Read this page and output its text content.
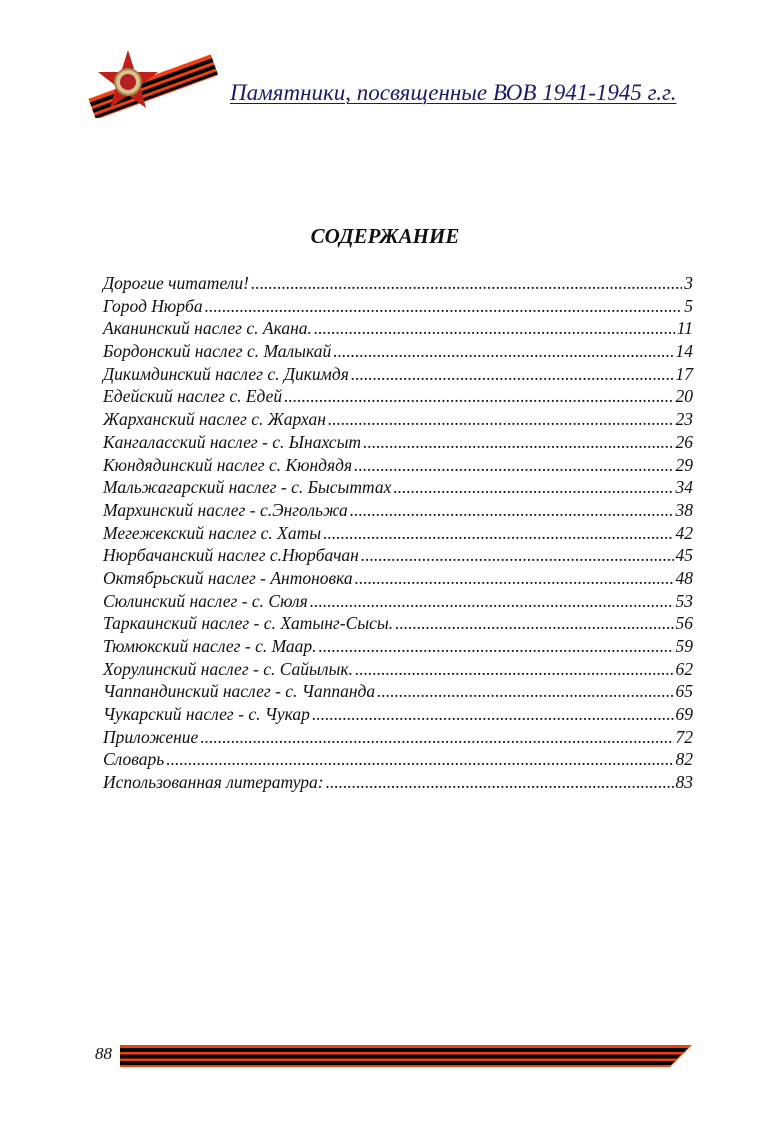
Памятники, посвященные ВОВ 1941-1945 г.г.
СОДЕРЖАНИЕ
Дорогие читатели! .....	3
Город Нюрба .....	5
Аканинский наслег с. Акана. .....	11
Бордонский наслег с. Малыкай .....	14
Дикимдинский наслег с. Дикимдя .....	17
Едейский наслег с. Едей .....	20
Жарханский наслег с. Жархан .....	23
Кангаласский наслег - с. Ынахсыт .....	26
Кюндядинский наслег с. Кюндядя .....	29
Мальжагарский наслег - с. Бысыттах .....	34
Мархинский наслег - с.Энгольжа .....	38
Мегежекский наслег с. Хаты .....	42
Нюрбачанский наслег с.Нюрбачан .....	45
Октябрьский наслег - Антоновка .....	48
Сюлинский наслег - с. Сюля .....	53
Таркаинский наслег - с. Хатынг-Сысы. .....	56
Тюмюкский наслег - с. Маар. .....	59
Хорулинский наслег - с. Сайылык. .....	62
Чаппандинский наслег - с. Чаппанда .....	65
Чукарский наслег - с. Чукар .....	69
Приложение .....	72
Словарь .....	82
Использованная литература: .....	83
88
